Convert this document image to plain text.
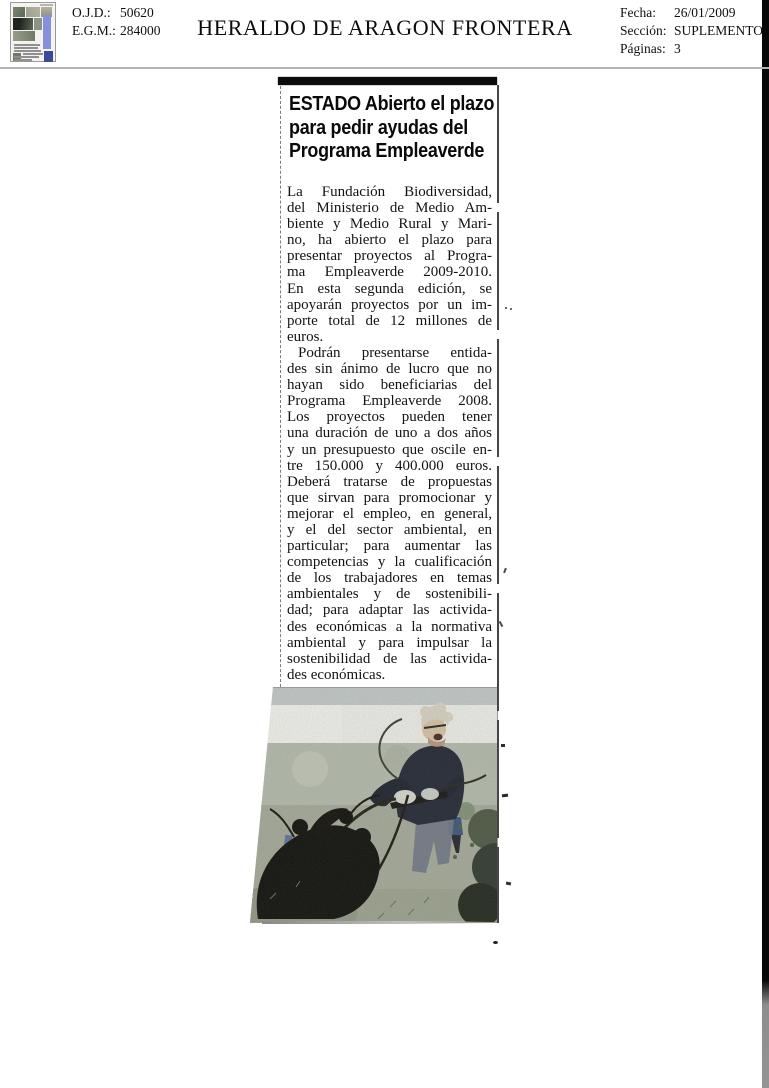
O.J.D.: 50620
E.G.M.: 284000	HERALDO DE ARAGON FRONTERA
Fecha: 26/01/2009
Sección: SUPLEMENTO
Páginas: 3
ESTADO Abierto el plazo
para pedir ayudas del
Programa Empleaverde
La Fundación Biodiversidad,
del Ministerio de Medio Am-
biente y Medio Rural y Mari-
no, ha abierto el plazo para
presentar proyectos al Progra-
ma Empleaverde 2009-2010.
En esta segunda edición, se
apoyarán proyectos por un im-
porte total de 12 millones de
euros.
Podrán presentarse entida-
des sin ánimo de lucro que no
hayan sido beneficiarias del
Programa Empleaverde 2008.
Los proyectos pueden tener
una duración de uno a dos años
y un presupuesto que oscile en-
tre 150.000 y 400.000 euros.
Deberá tratarse de propuestas
que sirvan para promocionar y
mejorar el empleo, en general,
y el del sector ambiental, en
particular; para aumentar las
competencias y la cualificación
de los trabajadores en temas
ambientales y de sostenibili-
dad; para adaptar las activida-
des económicas a la normativa
ambiental y para impulsar la
sostenibilidad de las activida-
des económicas.
